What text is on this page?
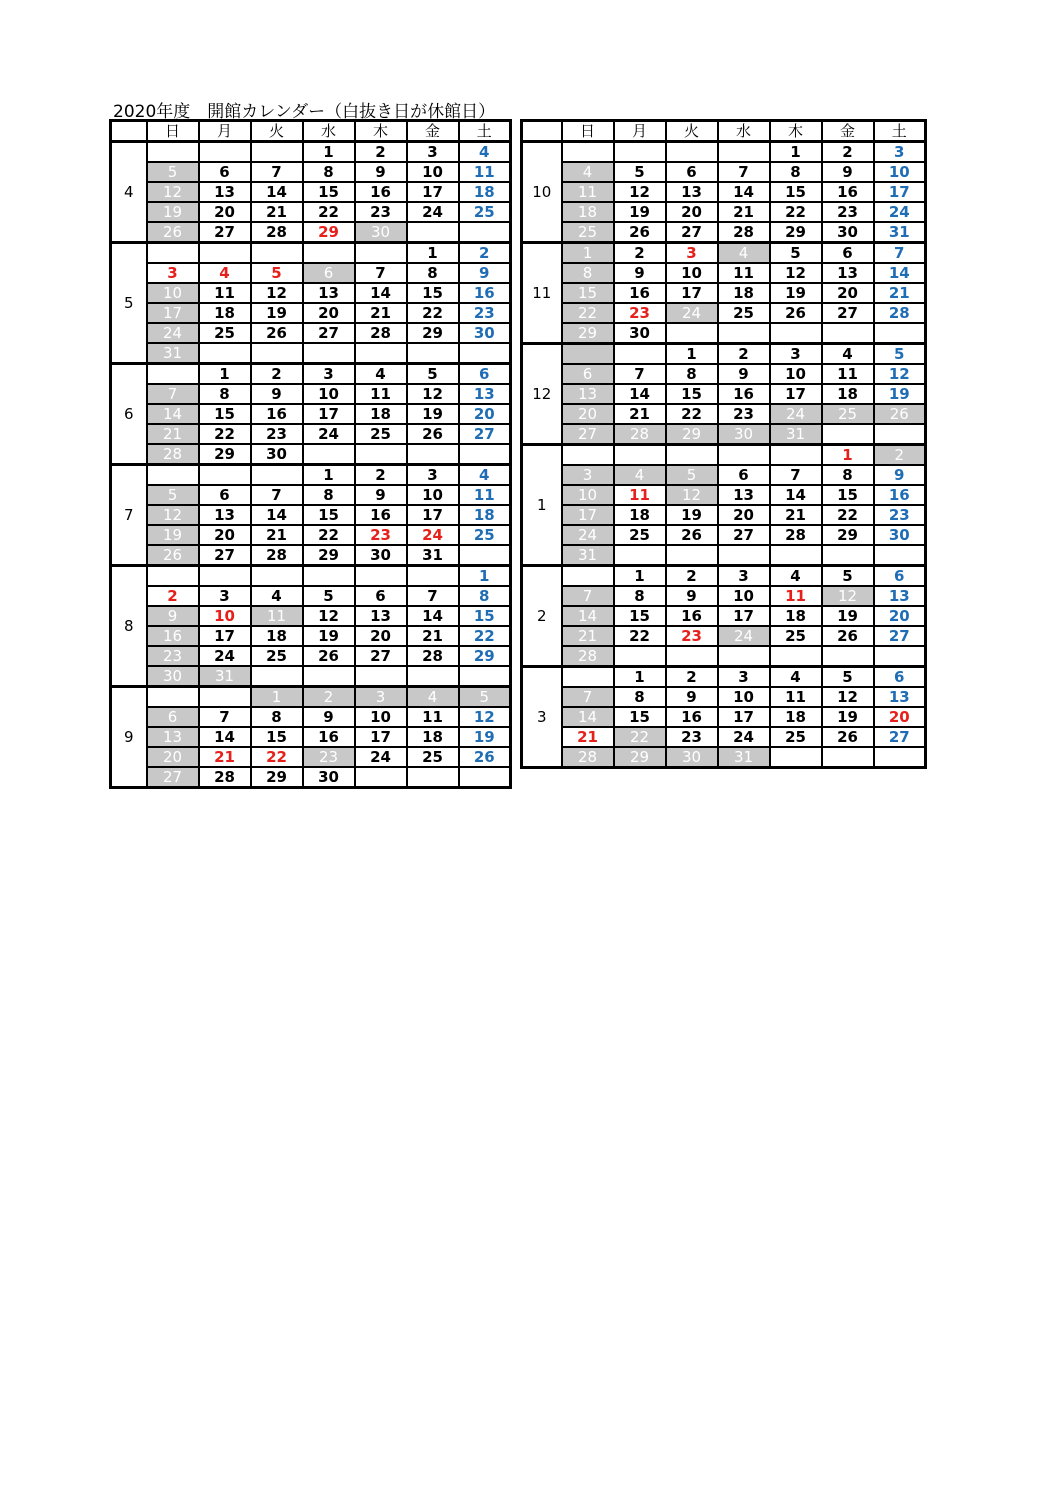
2020年度　開館カレンダー（白抜き日が休館日）
	日	月	火	水	木	金	土
4				1	2	3	4
	5	6	7	8	9	10	11
	12	13	14	15	16	17	18
	19	20	21	22	23	24	25
	26	27	28	29	30		
5						1	2
	3	4	5	6	7	8	9
	10	11	12	13	14	15	16
	17	18	19	20	21	22	23
	24	25	26	27	28	29	30
	31						
6		1	2	3	4	5	6
	7	8	9	10	11	12	13
	14	15	16	17	18	19	20
	21	22	23	24	25	26	27
	28	29	30				
7				1	2	3	4
	5	6	7	8	9	10	11
	12	13	14	15	16	17	18
	19	20	21	22	23	24	25
	26	27	28	29	30	31	
8							1
	2	3	4	5	6	7	8
	9	10	11	12	13	14	15
	16	17	18	19	20	21	22
	23	24	25	26	27	28	29
	30	31					
9			1	2	3	4	5
	6	7	8	9	10	11	12
	13	14	15	16	17	18	19
	20	21	22	23	24	25	26
	27	28	29	30			
	日	月	火	水	木	金	土
10					1	2	3
	4	5	6	7	8	9	10
	11	12	13	14	15	16	17
	18	19	20	21	22	23	24
	25	26	27	28	29	30	31
11	1	2	3	4	5	6	7
	8	9	10	11	12	13	14
	15	16	17	18	19	20	21
	22	23	24	25	26	27	28
	29	30					
12			1	2	3	4	5
	6	7	8	9	10	11	12
	13	14	15	16	17	18	19
	20	21	22	23	24	25	26
	27	28	29	30	31		
1						1	2
	3	4	5	6	7	8	9
	10	11	12	13	14	15	16
	17	18	19	20	21	22	23
	24	25	26	27	28	29	30
	31						
2		1	2	3	4	5	6
	7	8	9	10	11	12	13
	14	15	16	17	18	19	20
	21	22	23	24	25	26	27
	28						
3		1	2	3	4	5	6
	7	8	9	10	11	12	13
	14	15	16	17	18	19	20
	21	22	23	24	25	26	27
	28	29	30	31			
